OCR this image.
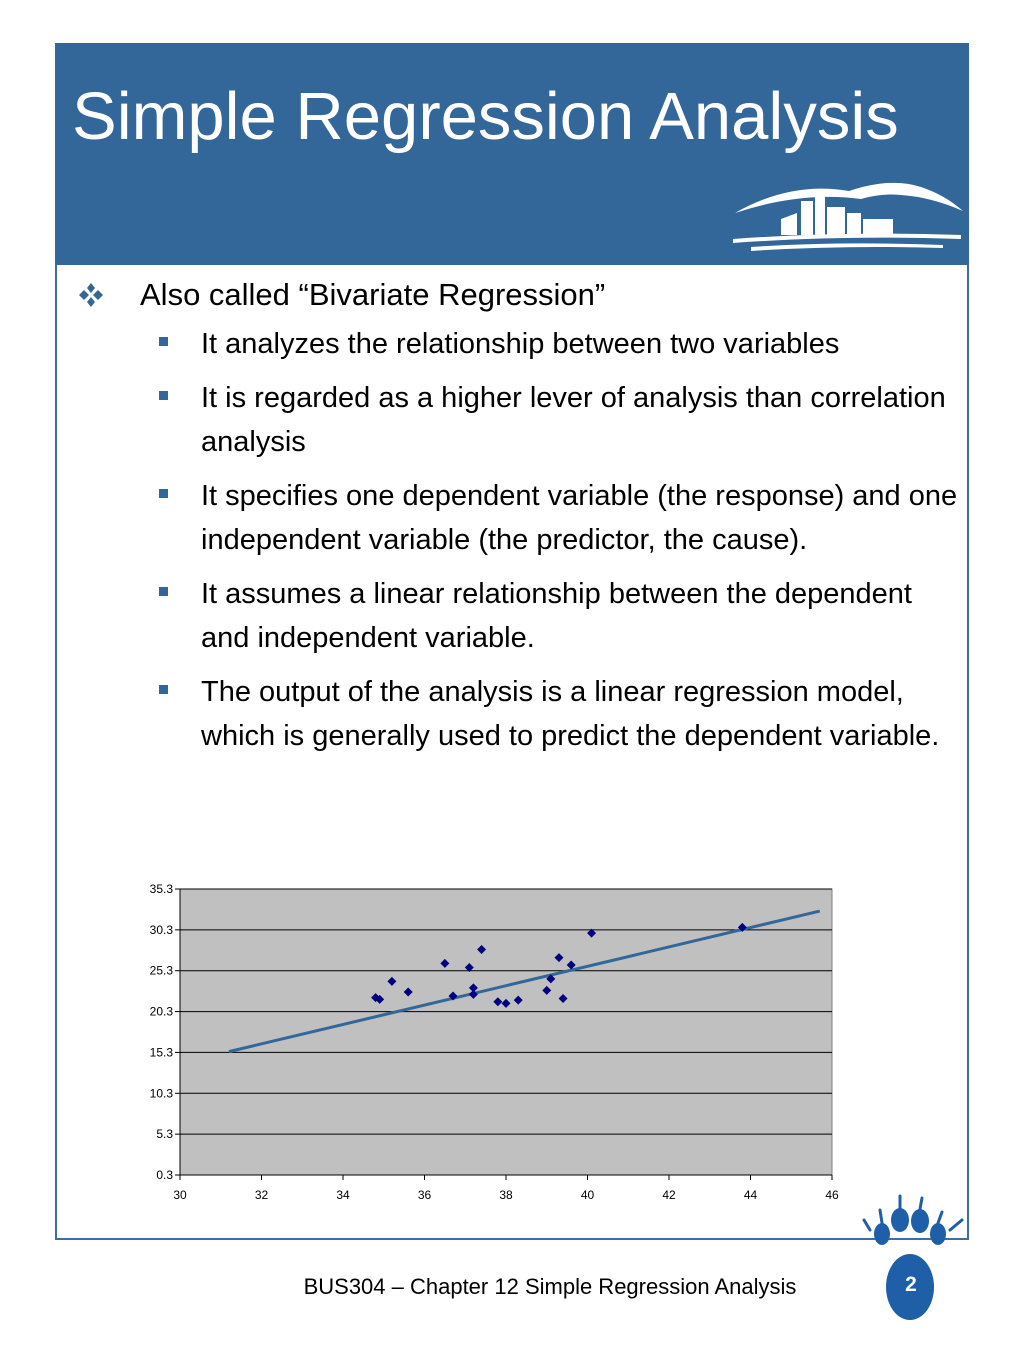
Simple Regression Analysis
Also called “Bivariate Regression”
It analyzes the relationship between two variables
It is regarded as a higher lever of analysis than correlation analysis
It specifies one dependent variable (the response) and one independent variable (the predictor, the cause).
It assumes a linear relationship between the dependent and independent variable.
The output of the analysis is a linear regression model, which is generally used to predict the dependent variable.
0.3
5.3
10.3
15.3
20.3
25.3
30.3
35.3
30	32	34	36	38	40	42	44	46
BUS304 – Chapter 12 Simple Regression Analysis	2
